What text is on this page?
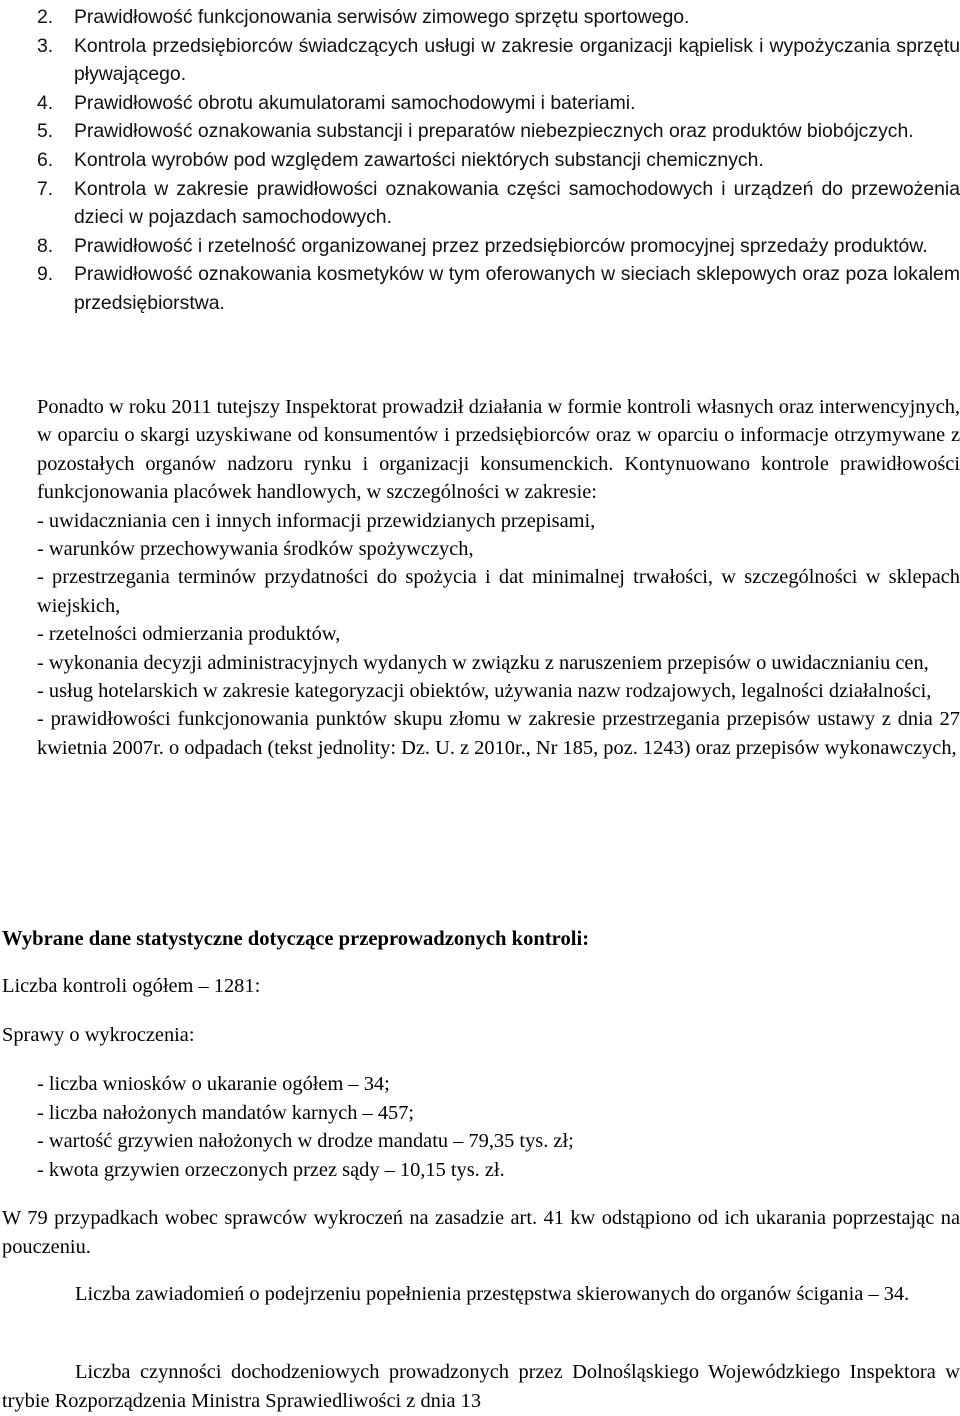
2.	Prawidłowość funkcjonowania serwisów zimowego sprzętu sportowego.
3.	Kontrola przedsiębiorców świadczących usługi w zakresie organizacji kąpielisk i wypożyczania sprzętu pływającego.
4.	Prawidłowość obrotu akumulatorami samochodowymi i bateriami.
5.	Prawidłowość oznakowania substancji i preparatów niebezpiecznych oraz produktów biobójczych.
6.	Kontrola wyrobów pod względem zawartości niektórych substancji chemicznych.
7.	Kontrola w zakresie prawidłowości oznakowania części samochodowych i urządzeń do przewożenia dzieci w pojazdach samochodowych.
8.	Prawidłowość i rzetelność organizowanej przez przedsiębiorców promocyjnej sprzedaży produktów.
9.	Prawidłowość oznakowania kosmetyków w tym oferowanych w sieciach sklepowych oraz poza lokalem przedsiębiorstwa.
Ponadto w roku 2011 tutejszy Inspektorat prowadził działania w formie kontroli własnych oraz interwencyjnych, w oparciu o skargi uzyskiwane od konsumentów i przedsiębiorców oraz w oparciu o informacje otrzymywane z pozostałych organów nadzoru rynku i organizacji konsumenckich. Kontynuowano kontrole prawidłowości funkcjonowania placówek handlowych, w szczególności w zakresie:
- uwidaczniania cen i innych informacji przewidzianych przepisami,
- warunków przechowywania środków spożywczych,
- przestrzegania terminów przydatności do spożycia i dat minimalnej trwałości, w szczególności w sklepach wiejskich,
- rzetelności odmierzania produktów,
- wykonania decyzji administracyjnych wydanych w związku z naruszeniem przepisów o uwidacznianiu cen,
- usług hotelarskich w zakresie kategoryzacji obiektów, używania nazw rodzajowych, legalności działalności,
- prawidłowości funkcjonowania punktów skupu złomu w zakresie przestrzegania przepisów ustawy z dnia 27 kwietnia 2007r. o odpadach (tekst jednolity: Dz. U. z 2010r., Nr 185, poz. 1243) oraz przepisów wykonawczych,

Wybrane dane statystyczne dotyczące przeprowadzonych kontroli:

Liczba kontroli ogółem – 1281:

Sprawy o wykroczenia:

- liczba wniosków o ukaranie ogółem – 34;
- liczba nałożonych mandatów karnych – 457;
- wartość grzywien nałożonych w drodze mandatu – 79,35 tys. zł;
- kwota grzywien orzeczonych przez sądy – 10,15 tys. zł.

W 79 przypadkach wobec sprawców wykroczeń na zasadzie art. 41 kw odstąpiono od ich ukarania poprzestając na pouczeniu.

Liczba zawiadomień o podejrzeniu popełnienia przestępstwa skierowanych do organów ścigania – 34.

Liczba czynności dochodzeniowych prowadzonych przez Dolnośląskiego Wojewódzkiego Inspektora w trybie Rozporządzenia Ministra Sprawiedliwości z dnia 13
